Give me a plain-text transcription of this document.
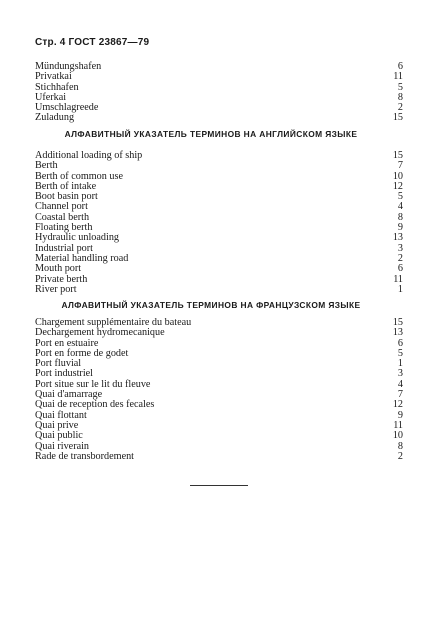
Стр. 4 ГОСТ 23867—79
Mündungshafen	6
Privatkai	11
Stichhafen	5
Uferkai	8
Umschlagreede	2
Zuladung	15
АЛФАВИТНЫЙ УКАЗАТЕЛЬ ТЕРМИНОВ НА АНГЛИЙСКОМ ЯЗЫКЕ
Additional loading of ship	15
Berth	7
Berth of common use	10
Berth of intake	12
Boot basin port	5
Channel port	4
Coastal berth	8
Floating berth	9
Hydraulic unloading	13
Industrial port	3
Material handling road	2
Mouth port	6
Private berth	11
River port	1
АЛФАВИТНЫЙ УКАЗАТЕЛЬ ТЕРМИНОВ НА ФРАНЦУЗСКОМ ЯЗЫКЕ
Chargement supplémentaire du bateau	15
Dechargement hydromecanique	13
Port en estuaire	6
Port en forme de godet	5
Port fluvial	1
Port industriel	3
Port situe sur le lit du fleuve	4
Quai d'amarrage	7
Quai de reception des fecales	12
Quai flottant	9
Quai prive	11
Quai public	10
Quai riverain	8
Rade de transbordement	2
